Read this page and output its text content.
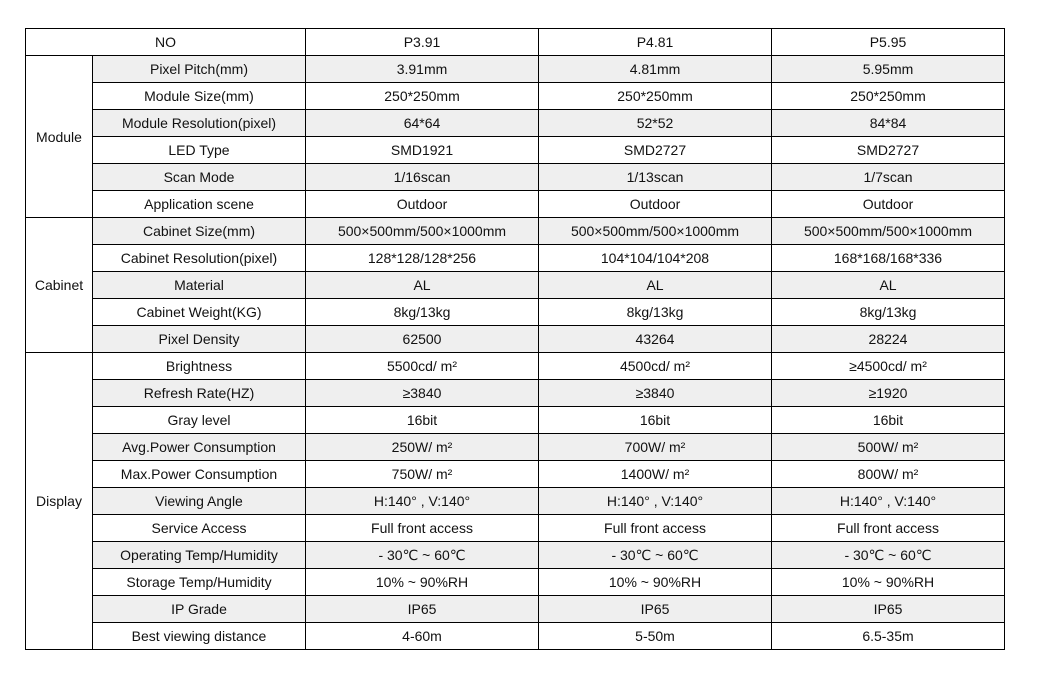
NO		P3.91	P4.81	P5.95
Module	Pixel Pitch(mm)	3.91mm	4.81mm	5.95mm
	Module Size(mm)	250*250mm	250*250mm	250*250mm
	Module Resolution(pixel)	64*64	52*52	84*84
	LED Type	SMD1921	SMD2727	SMD2727
	Scan Mode	1/16scan	1/13scan	1/7scan
	Application scene	Outdoor	Outdoor	Outdoor
Cabinet	Cabinet Size(mm)	500×500mm/500×1000mm	500×500mm/500×1000mm	500×500mm/500×1000mm
	Cabinet Resolution(pixel)	128*128/128*256	104*104/104*208	168*168/168*336
	Material	AL	AL	AL
	Cabinet Weight(KG)	8kg/13kg	8kg/13kg	8kg/13kg
	Pixel Density	62500	43264	28224
Display	Brightness	5500cd/ m²	4500cd/ m²	≥4500cd/ m²
	Refresh Rate(HZ)	≥3840	≥3840	≥1920
	Gray level	16bit	16bit	16bit
	Avg.Power Consumption	250W/ m²	700W/ m²	500W/ m²
	Max.Power Consumption	750W/ m²	1400W/ m²	800W/ m²
	Viewing Angle	H:140° , V:140°	H:140° , V:140°	H:140° , V:140°
	Service Access	Full front access	Full front access	Full front access
	Operating Temp/Humidity	- 30℃ ~ 60℃	- 30℃ ~ 60℃	- 30℃ ~ 60℃
	Storage Temp/Humidity	10% ~ 90%RH	10% ~ 90%RH	10% ~ 90%RH
	IP Grade	IP65	IP65	IP65
	Best viewing distance	4-60m	5-50m	6.5-35m
